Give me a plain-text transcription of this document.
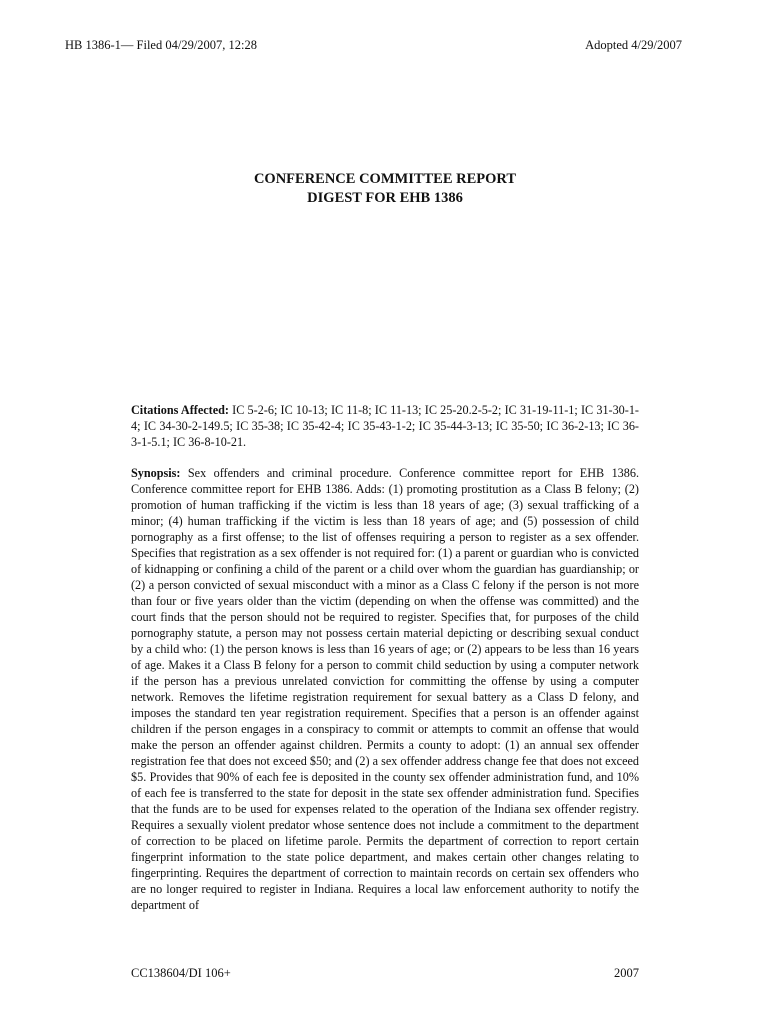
HB 1386-1— Filed 04/29/2007, 12:28	Adopted 4/29/2007
CONFERENCE COMMITTEE REPORT
DIGEST FOR EHB 1386

Citations Affected: IC 5-2-6; IC 10-13; IC 11-8; IC 11-13; IC 25-20.2-5-2; IC 31-19-11-1; IC 31-30-1-4; IC 34-30-2-149.5; IC 35-38; IC 35-42-4; IC 35-43-1-2; IC 35-44-3-13; IC 35-50; IC 36-2-13; IC 36-3-1-5.1; IC 36-8-10-21.

Synopsis: Sex offenders and criminal procedure. Conference committee report for EHB 1386. Conference committee report for EHB 1386. Adds: (1) promoting prostitution as a Class B felony; (2) promotion of human trafficking if the victim is less than 18 years of age; (3) sexual trafficking of a minor; (4) human trafficking if the victim is less than 18 years of age; and (5) possession of child pornography as a first offense; to the list of offenses requiring a person to register as a sex offender. Specifies that registration as a sex offender is not required for: (1) a parent or guardian who is convicted of kidnapping or confining a child of the parent or a child over whom the guardian has guardianship; or (2) a person convicted of sexual misconduct with a minor as a Class C felony if the person is not more than four or five years older than the victim (depending on when the offense was committed) and the court finds that the person should not be required to register. Specifies that, for purposes of the child pornography statute, a person may not possess certain material depicting or describing sexual conduct by a child who: (1) the person knows is less than 16 years of age; or (2) appears to be less than 16 years of age. Makes it a Class B felony for a person to commit child seduction by using a computer network if the person has a previous unrelated conviction for committing the offense by using a computer network. Removes the lifetime registration requirement for sexual battery as a Class D felony, and imposes the standard ten year registration requirement. Specifies that a person is an offender against children if the person engages in a conspiracy to commit or attempts to commit an offense that would make the person an offender against children. Permits a county to adopt: (1) an annual sex offender registration fee that does not exceed $50; and (2) a sex offender address change fee that does not exceed $5. Provides that 90% of each fee is deposited in the county sex offender administration fund, and 10% of each fee is transferred to the state for deposit in the state sex offender administration fund. Specifies that the funds are to be used for expenses related to the operation of the Indiana sex offender registry. Requires a sexually violent predator whose sentence does not include a commitment to the department of correction to be placed on lifetime parole. Permits the department of correction to report certain fingerprint information to the state police department, and makes certain other changes relating to fingerprinting. Requires the department of correction to maintain records on certain sex offenders who are no longer required to register in Indiana. Requires a local law enforcement authority to notify the department of

CC138604/DI 106+	2007
